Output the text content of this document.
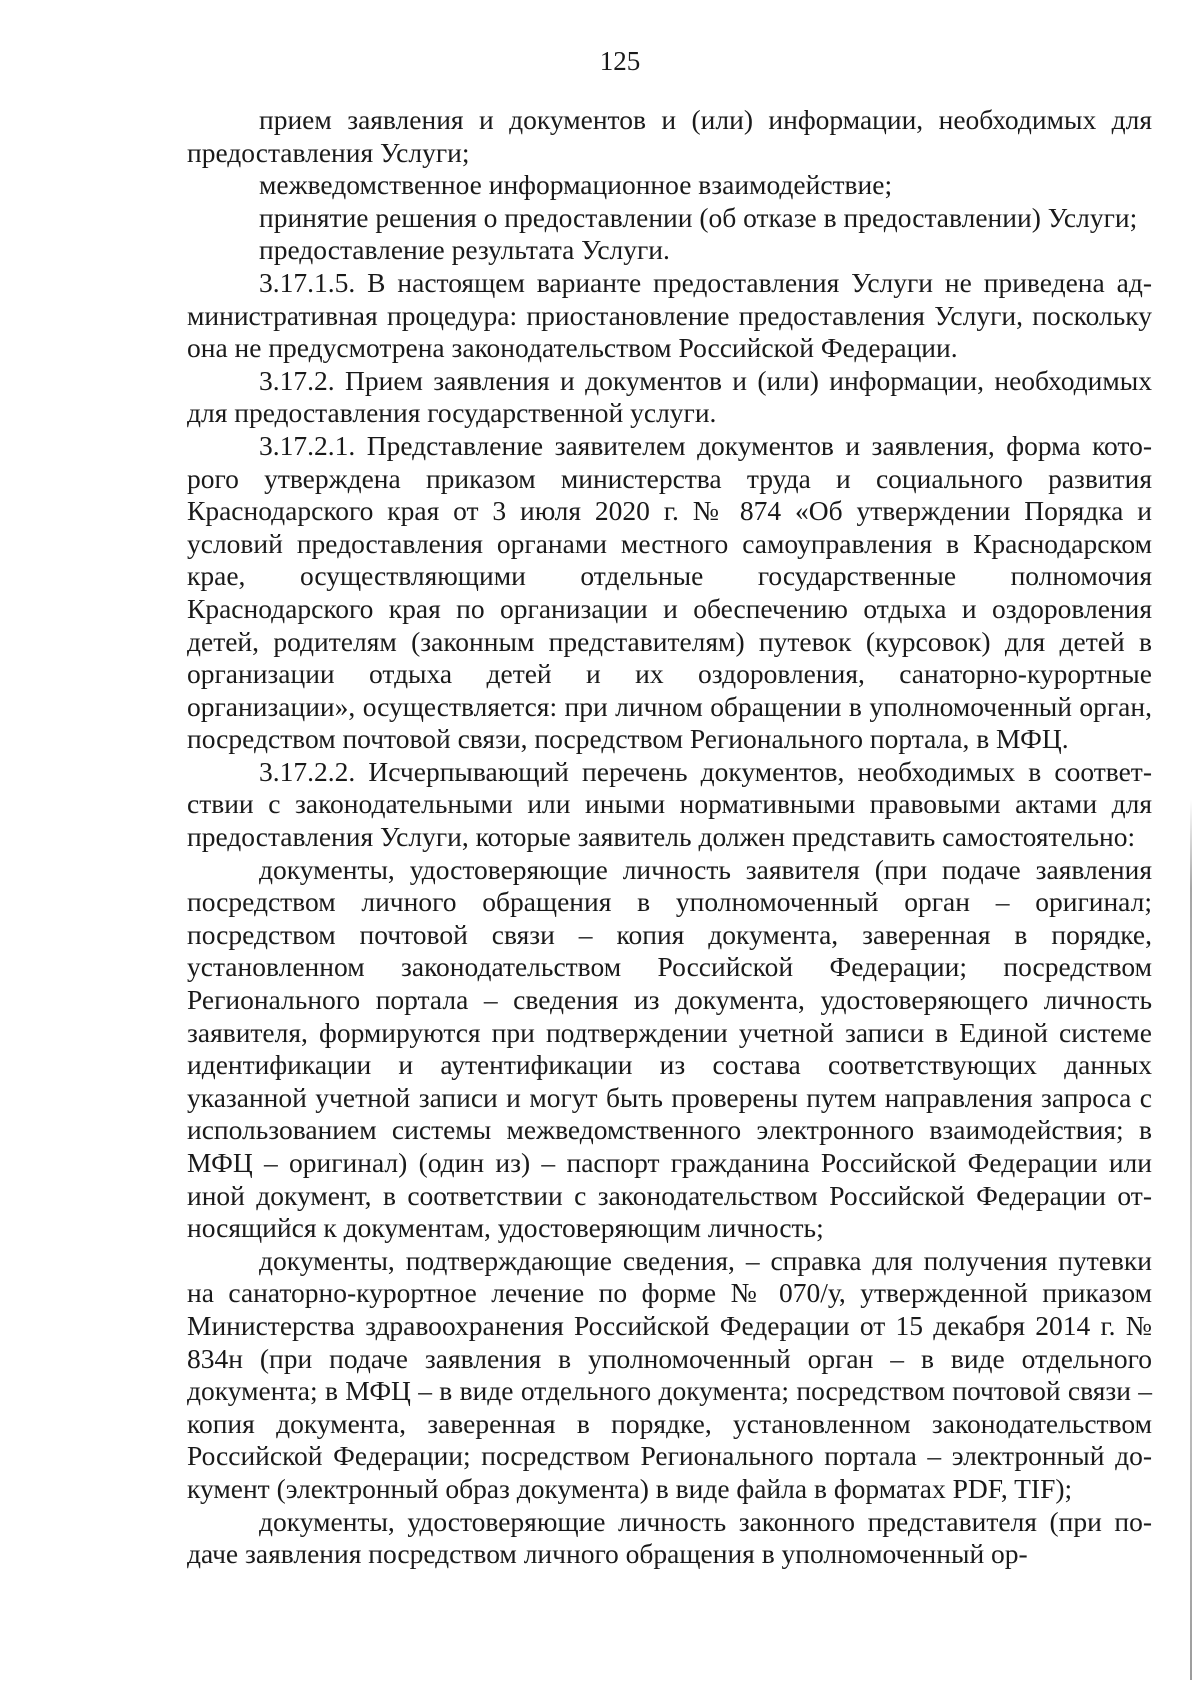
125

прием заявления и документов и (или) информации, необходимых для предоставления Услуги;

межведомственное информационное взаимодействие;

принятие решения о предоставлении (об отказе в предоставлении) Услуги;

предоставление результата Услуги.

3.17.1.5. В настоящем варианте предоставления Услуги не приведена административная процедура: приостановление предоставления Услуги, поскольку она не предусмотрена законодательством Российской Федерации.

3.17.2. Прием заявления и документов и (или) информации, необходимых для предоставления государственной услуги.

3.17.2.1. Представление заявителем документов и заявления, форма которого утверждена приказом министерства труда и социального развития Краснодарского края от 3 июля 2020 г. № 874 «Об утверждении Порядка и условий предоставления органами местного самоуправления в Краснодарском крае, осуществляющими отдельные государственные полномочия Краснодарского края по организации и обеспечению отдыха и оздоровления детей, родителям (законным представителям) путевок (курсовок) для детей в организации отдыха детей и их оздоровления, санаторно-курортные организации», осуществляется: при личном обращении в уполномоченный орган, посредством почтовой связи, посредством Регионального портала, в МФЦ.

3.17.2.2. Исчерпывающий перечень документов, необходимых в соответствии с законодательными или иными нормативными правовыми актами для предоставления Услуги, которые заявитель должен представить самостоятельно:

документы, удостоверяющие личность заявителя (при подаче заявления посредством личного обращения в уполномоченный орган – оригинал; посредством почтовой связи – копия документа, заверенная в порядке, установленном законодательством Российской Федерации; посредством Регионального портала – сведения из документа, удостоверяющего личность заявителя, формируются при подтверждении учетной записи в Единой системе идентификации и аутентификации из состава соответствующих данных указанной учетной записи и могут быть проверены путем направления запроса с использованием системы межведомственного электронного взаимодействия; в МФЦ – оригинал) (один из) – паспорт гражданина Российской Федерации или иной документ, в соответствии с законодательством Российской Федерации относящийся к документам, удостоверяющим личность;

документы, подтверждающие сведения, – справка для получения путевки на санаторно-курортное лечение по форме № 070/у, утвержденной приказом Министерства здравоохранения Российской Федерации от 15 декабря 2014 г. № 834н (при подаче заявления в уполномоченный орган – в виде отдельного документа; в МФЦ – в виде отдельного документа; посредством почтовой связи – копия документа, заверенная в порядке, установленном законодательством Российской Федерации; посредством Регионального портала – электронный документ (электронный образ документа) в виде файла в форматах PDF, TIF);

документы, удостоверяющие личность законного представителя (при подаче заявления посредством личного обращения в уполномоченный ор-
